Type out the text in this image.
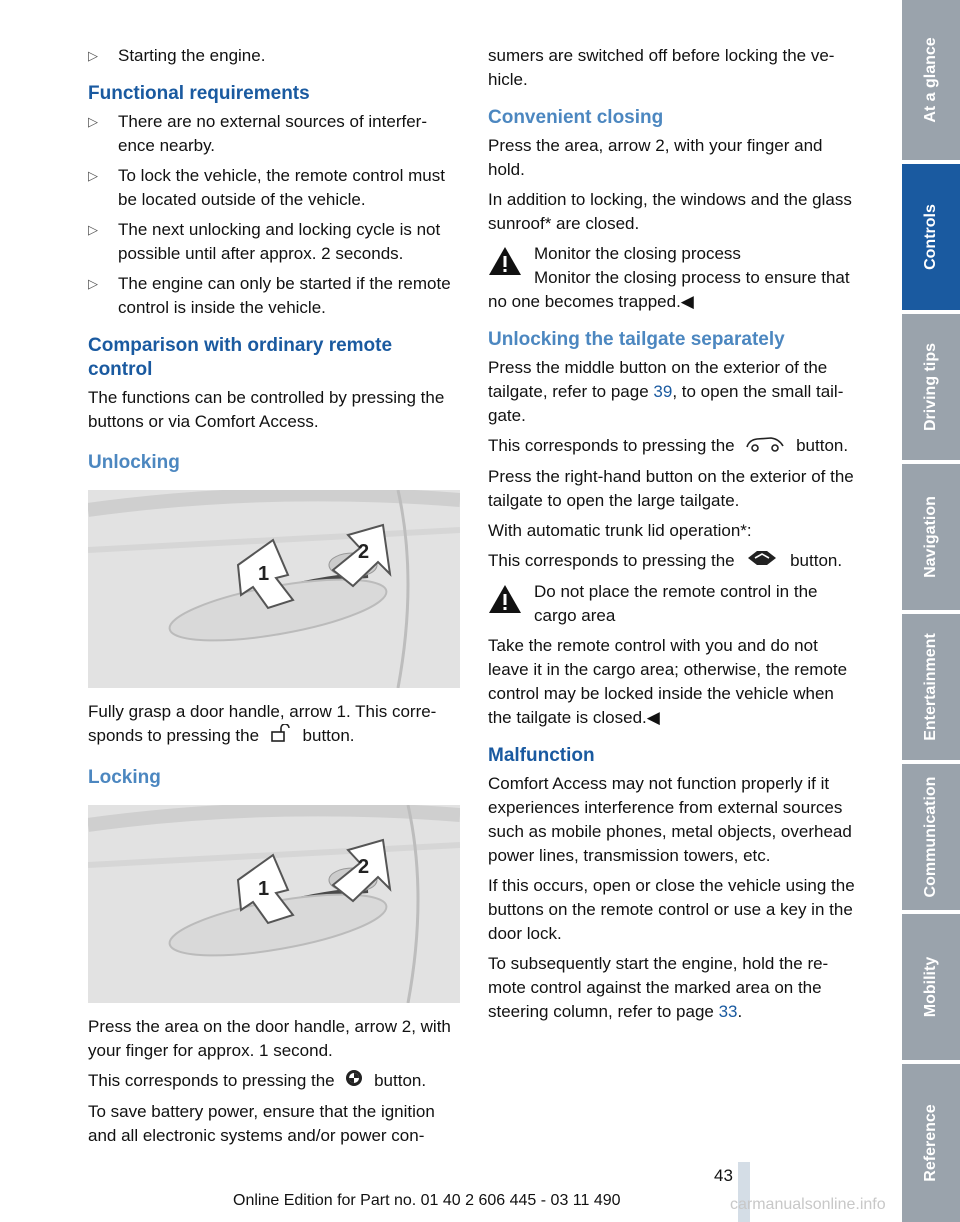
▷ Starting the engine.
Functional requirements
▷ There are no external sources of interfer-ence nearby.
▷ To lock the vehicle, the remote control must be located outside of the vehicle.
▷ The next unlocking and locking cycle is not possible until after approx. 2 seconds.
▷ The engine can only be started if the remote control is inside the vehicle.
Comparison with ordinary remote control

The functions can be controlled by pressing the buttons or via Comfort Access.

Unlocking
1
2

Fully grasp a door handle, arrow 1. This corre-sponds to pressing the	button.

Locking
1
2

Press the area on the door handle, arrow 2, with your finger for approx. 1 second.

This corresponds to pressing the button.

To save battery power, ensure that the ignition and all electronic systems and/or power con-

sumers are switched off before locking the ve-hicle.

Convenient closing

Press the area, arrow 2, with your finger and hold.

In addition to locking, the windows and the glass sunroof* are closed.

Monitor the closing process

Monitor the closing process to ensure that no one becomes trapped.◀

Unlocking the tailgate separately

Press the middle button on the exterior of the tailgate, refer to page 39, to open the small tail-gate.

This corresponds to pressing the	button.

Press the right-hand button on the exterior of the tailgate to open the large tailgate.

With automatic trunk lid operation*:

This corresponds to pressing the	button.

Do not place the remote control in the cargo area

Take the remote control with you and do not leave it in the cargo area; otherwise, the remote control may be locked inside the vehicle when the tailgate is closed.◀

Malfunction

Comfort Access may not function properly if it experiences interference from external sources such as mobile phones, metal objects, overhead power lines, transmission towers, etc.

If this occurs, open or close the vehicle using the buttons on the remote control or use a key in the door lock.

To subsequently start the engine, hold the re-mote control against the marked area on the steering column, refer to page 33.

At a glance
Controls
Driving tips
Navigation
Entertainment
Communication
Mobility
Reference
43
Online Edition for Part no. 01 40 2 606 445 - 03 11 490	carmanualsonline.info
